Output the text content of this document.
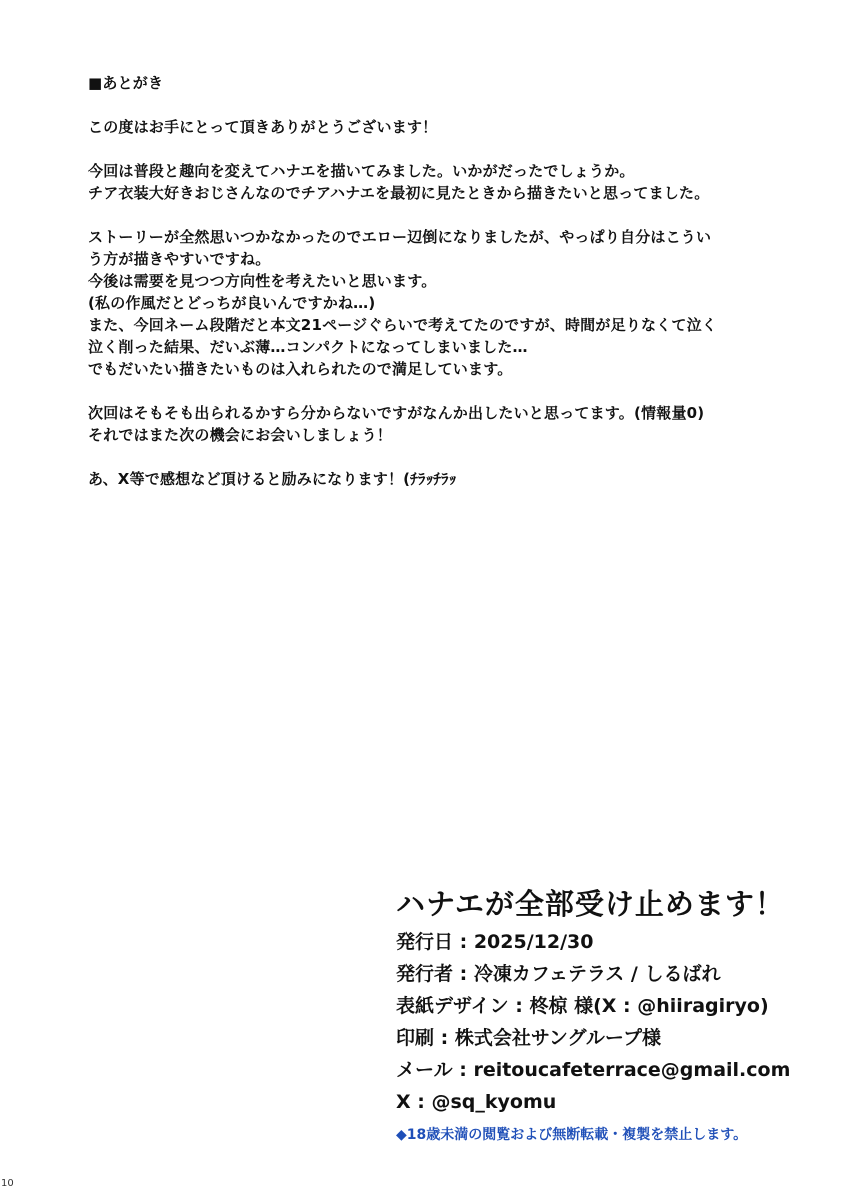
■あとがき
この度はお手にとって頂きありがとうございます！
今回は普段と趣向を変えてハナエを描いてみました。いかがだったでしょうか。
チア衣装大好きおじさんなのでチアハナエを最初に見たときから描きたいと思ってました。
ストーリーが全然思いつかなかったのでエロー辺倒になりましたが、やっぱり自分はこうい
う方が描きやすいですね。
今後は需要を見つつ方向性を考えたいと思います。
(私の作風だとどっちが良いんですかね…)
また、今回ネーム段階だと本文21ページぐらいで考えてたのですが、時間が足りなくて泣く
泣く削った結果、だいぶ薄…コンパクトになってしまいました…
でもだいたい描きたいものは入れられたので満足しています。
次回はそもそも出られるかすら分からないですがなんか出したいと思ってます。(情報量0)
それではまた次の機会にお会いしましょう！
あ、X等で感想など頂けると励みになります！(ﾁﾗｯﾁﾗｯ
ハナエが全部受け止めます！
発行日 : 2025/12/30
発行者 : 冷凍カフェテラス / しるばれ
表紙デザイン : 柊椋 様(X : @hiiragiryo)
印刷 : 株式会社サングループ様
メール : reitoucafeterrace@gmail.com
X : @sq_kyomu
◆18歳未満の閲覧および無断転載・複製を禁止します。
10
